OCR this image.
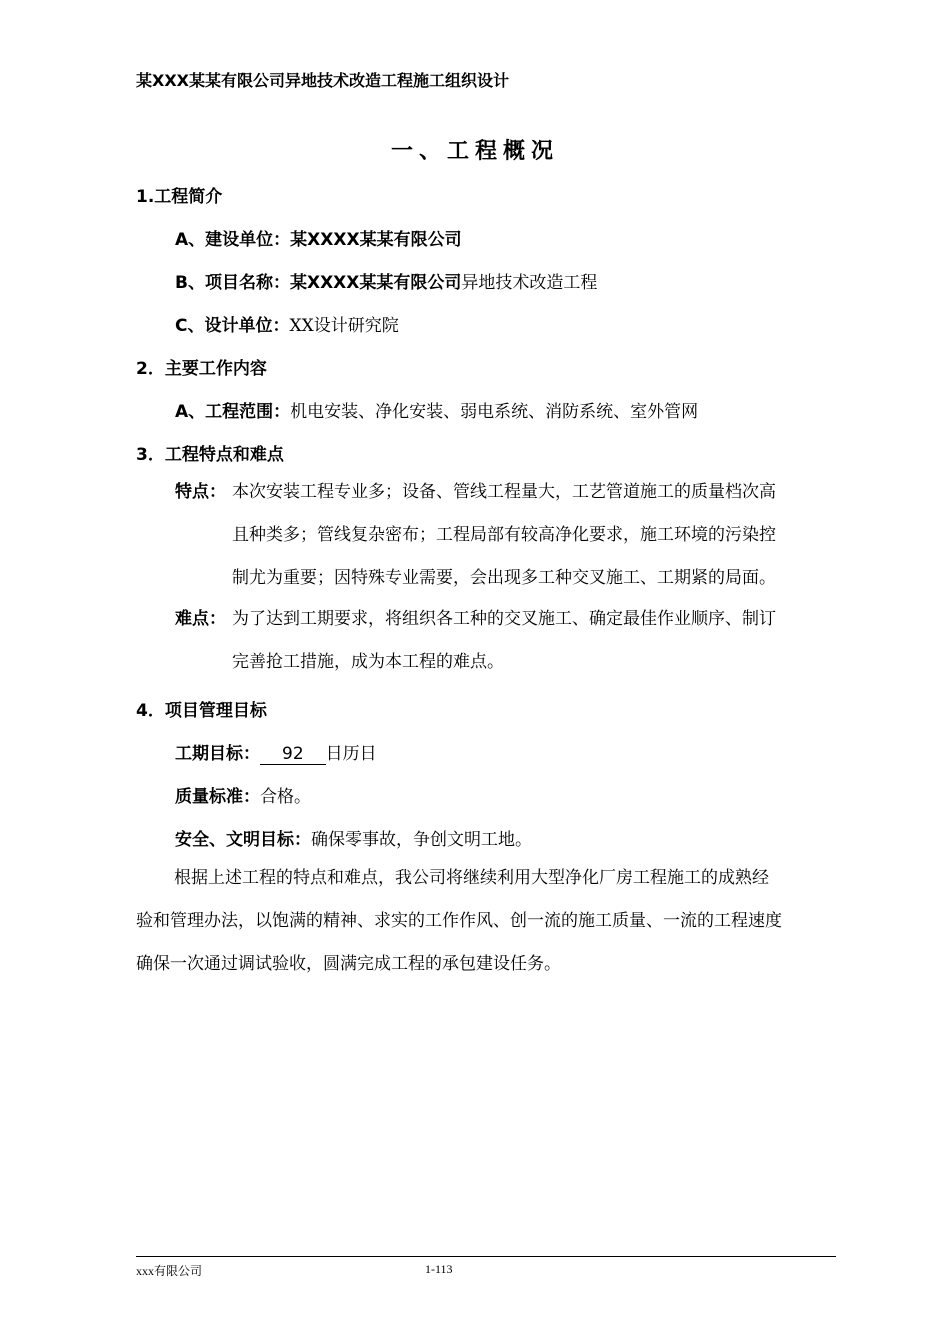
某XXX某某有限公司异地技术改造工程施工组织设计
一、工程概况
1.工程简介
A、建设单位：某XXXX某某有限公司
B、项目名称：某XXXX某某有限公司异地技术改造工程
C、设计单位：XX设计研究院
2．主要工作内容
A、工程范围：机电安装、净化安装、弱电系统、消防系统、室外管网
3．工程特点和难点
特点： 本次安装工程专业多；设备、管线工程量大，工艺管道施工的质量档次高
且种类多；管线复杂密布；工程局部有较高净化要求，施工环境的污染控
制尤为重要；因特殊专业需要，会出现多工种交叉施工、工期紧的局面。
难点： 为了达到工期要求，将组织各工种的交叉施工、确定最佳作业顺序、制订
完善抢工措施，成为本工程的难点。
4．项目管理目标
工期目标： 92 日历日
质量标准：合格。
安全、文明目标：确保零事故，争创文明工地。
根据上述工程的特点和难点，我公司将继续利用大型净化厂房工程施工的成熟经
验和管理办法，以饱满的精神、求实的工作作风、创一流的施工质量、一流的工程速度
确保一次通过调试验收，圆满完成工程的承包建设任务。
xxx有限公司	1-113
